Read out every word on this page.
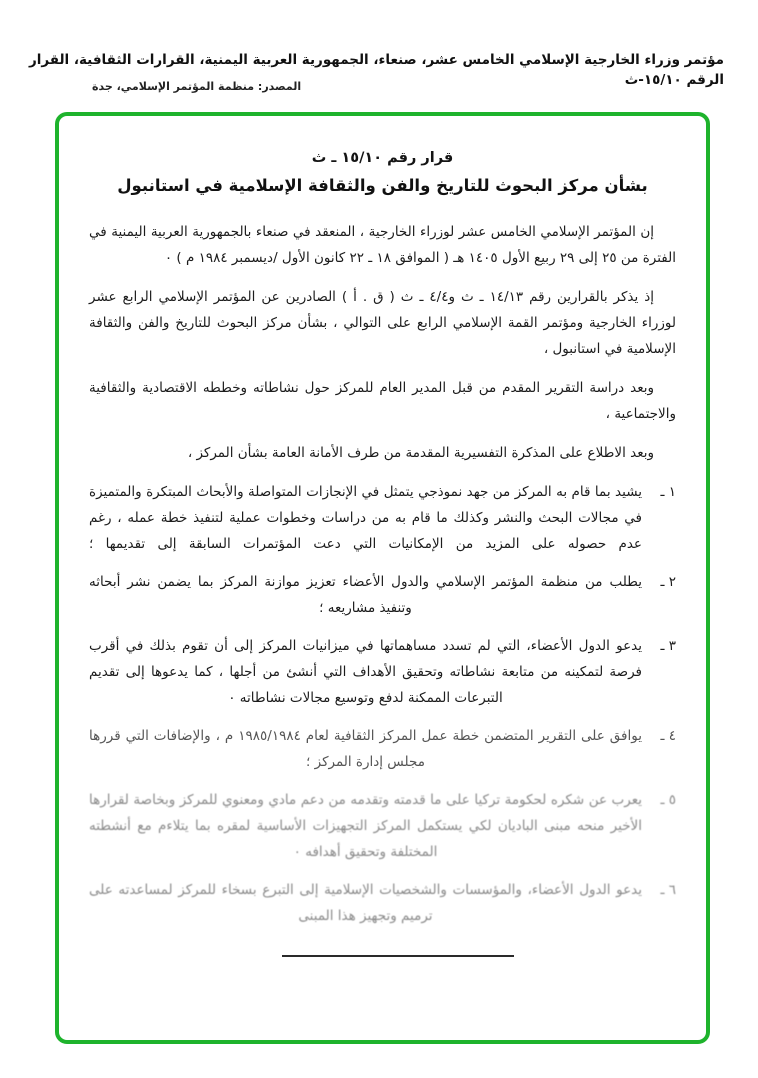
مؤتمر وزراء الخارجية الإسلامي الخامس عشر، صنعاء، الجمهورية العربية اليمنية، القرارات الثقافية، القرار الرقم ١٥/١٠-ث
المصدر: منظمة المؤتمر الإسلامي، جدة
قرار رقم ١٥/١٠ ـ ث
بشأن مركز البحوث للتاريخ والفن والثقافة الإسلامية في استانبول

إن المؤتمر الإسلامي الخامس عشر لوزراء الخارجية ، المنعقد في صنعاء بالجمهورية العربية اليمنية في الفترة من ٢٥ إلى ٢٩ ربيع الأول ١٤٠٥ هـ ( الموافق ١٨ ـ ٢٢ كانون الأول /ديسمبر ١٩٨٤ م ) ٠

إذ يذكر بالقرارين رقم ١٤/١٣ ـ ث و٤/٤ ـ ث ( ق . أ ) الصادرين عن المؤتمر الإسلامي الرابع عشر لوزراء الخارجية ومؤتمر القمة الإسلامي الرابع على التوالي ، بشأن مركز البحوث للتاريخ والفن والثقافة الإسلامية في استانبول ،

وبعد دراسة التقرير المقدم من قبل المدير العام للمركز حول نشاطاته وخططه الاقتصادية والثقافية والاجتماعية ،

وبعد الاطلاع على المذكرة التفسيرية المقدمة من طرف الأمانة العامة بشأن المركز ،

١ ـ
يشيد بما قام به المركز من جهد نموذجي يتمثل في الإنجازات المتواصلة والأبحاث المبتكرة والمتميزة في مجالات البحث والنشر وكذلك ما قام به من دراسات وخطوات عملية لتنفيذ خطة عمله ، رغم عدم حصوله على المزيد من الإمكانيات التي دعت المؤتمرات السابقة إلى تقديمها ؛
٢ ـ
يطلب من منظمة المؤتمر الإسلامي والدول الأعضاء تعزيز موازنة المركز بما يضمن نشر أبحاثه وتنفيذ مشاريعه ؛
٣ ـ
يدعو الدول الأعضاء، التي لم تسدد مساهماتها في ميزانيات المركز إلى أن تقوم بذلك في أقرب فرصة لتمكينه من متابعة نشاطاته وتحقيق الأهداف التي أنشئ من أجلها ، كما يدعوها إلى تقديم التبرعات الممكنة لدفع وتوسيع مجالات نشاطاته ٠
٤ ـ
يوافق على التقرير المتضمن خطة عمل المركز الثقافية لعام ١٩٨٥/١٩٨٤ م ، والإضافات التي قررها مجلس إدارة المركز ؛
٥ ـ
يعرب عن شكره لحكومة تركيا على ما قدمته وتقدمه من دعم مادي ومعنوي للمركز وبخاصة لقرارها الأخير منحه مبنى الباديان لكي يستكمل المركز التجهيزات الأساسية لمقره بما يتلاءم مع أنشطته المختلفة وتحقيق أهدافه ٠
٦ ـ
يدعو الدول الأعضاء، والمؤسسات والشخصيات الإسلامية إلى التبرع بسخاء للمركز لمساعدته على ترميم وتجهيز هذا المبنى
